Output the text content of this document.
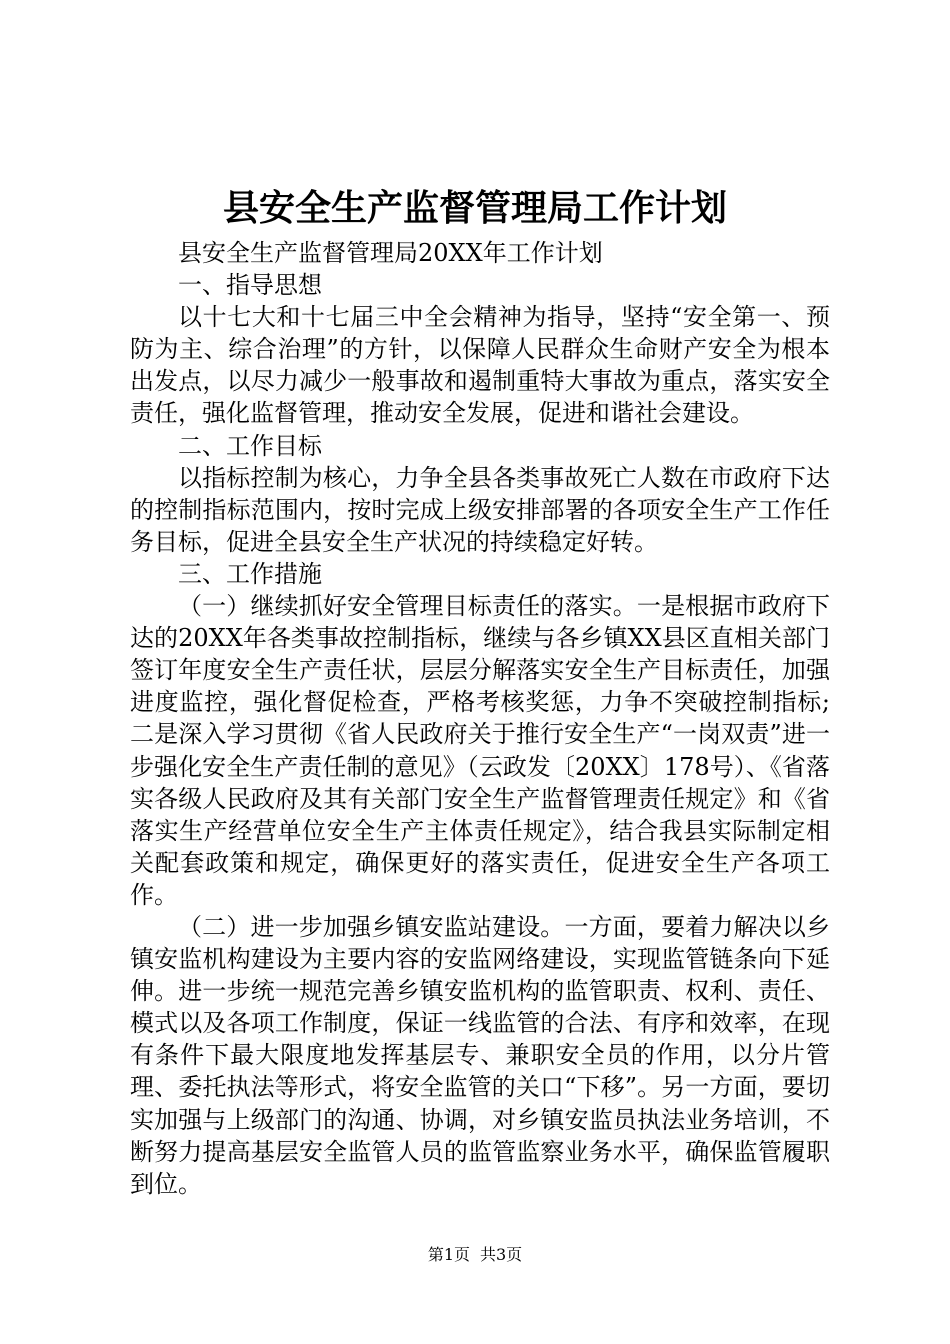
县安全生产监督管理局工作计划

县安全生产监督管理局20XX年工作计划

一、指导思想

以十七大和十七届三中全会精神为指导，坚持“安全第一、预防为主、综合治理”的方针，以保障人民群众生命财产安全为根本出发点，以尽力减少一般事故和遏制重特大事故为重点，落实安全责任，强化监督管理，推动安全发展，促进和谐社会建设。

二、工作目标

以指标控制为核心，力争全县各类事故死亡人数在市政府下达的控制指标范围内，按时完成上级安排部署的各项安全生产工作任务目标，促进全县安全生产状况的持续稳定好转。

三、工作措施

（一）继续抓好安全管理目标责任的落实。一是根据市政府下达的20XX年各类事故控制指标，继续与各乡镇XX县区直相关部门签订年度安全生产责任状，层层分解落实安全生产目标责任，加强进度监控，强化督促检查，严格考核奖惩，力争不突破控制指标;二是深入学习贯彻《省人民政府关于推行安全生产“一岗双责”进一步强化安全生产责任制的意见》（云政发〔20XX〕178号）、《省落实各级人民政府及其有关部门安全生产监督管理责任规定》和《省落实生产经营单位安全生产主体责任规定》，结合我县实际制定相关配套政策和规定，确保更好的落实责任，促进安全生产各项工作。

（二）进一步加强乡镇安监站建设。一方面，要着力解决以乡镇安监机构建设为主要内容的安监网络建设，实现监管链条向下延伸。进一步统一规范完善乡镇安监机构的监管职责、权利、责任、模式以及各项工作制度，保证一线监管的合法、有序和效率，在现有条件下最大限度地发挥基层专、兼职安全员的作用，以分片管理、委托执法等形式，将安全监管的关口“下移”。另一方面，要切实加强与上级部门的沟通、协调，对乡镇安监员执法业务培训，不断努力提高基层安全监管人员的监管监察业务水平，确保监管履职到位。

第1页 共3页
